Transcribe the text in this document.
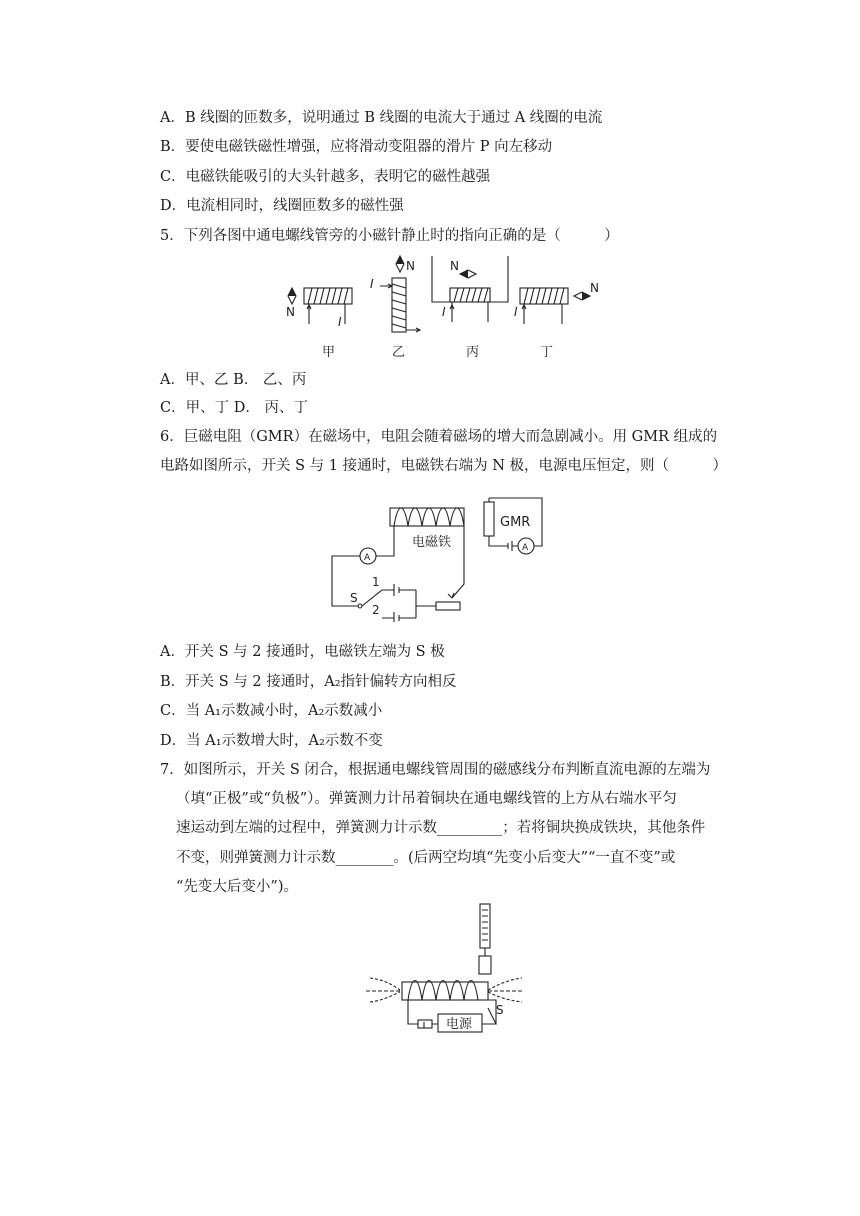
A．B 线圈的匝数多，说明通过 B 线圈的电流大于通过 A 线圈的电流
B．要使电磁铁磁性增强，应将滑动变阻器的滑片 P 向左移动
C．电磁铁能吸引的大头针越多，表明它的磁性越强
D．电流相同时，线圈匝数多的磁性强
5．下列各图中通电螺线管旁的小磁针静止时的指向正确的是（　　　）
N
I
甲
N
I
乙
N
I
丙
I
N
丁
A．甲、乙 B． 乙、丙
C．甲、丁 D． 丙、丁
6．巨磁电阻（GMR）在磁场中，电阻会随着磁场的增大而急剧减小。用 GMR 组成的
电路如图所示，开关 S 与 1 接通时，电磁铁右端为 N 极，电源电压恒定，则（　　　）
电磁铁
A
S
1
2
GMR
A
A．开关 S 与 2 接通时，电磁铁左端为 S 极
B．开关 S 与 2 接通时，A₂指针偏转方向相反
C．当 A₁示数减小时，A₂示数减小
D．当 A₁示数增大时，A₂示数不变
7．如图所示，开关 S 闭合，根据通电螺线管周围的磁感线分布判断直流电源的左端为
（填“正极”或“负极”）。弹簧测力计吊着铜块在通电螺线管的上方从右端水平匀
速运动到左端的过程中，弹簧测力计示数_________；若将铜块换成铁块，其他条件
不变，则弹簧测力计示数________。(后两空均填“先变小后变大”“一直不变”或
“先变大后变小”)。
电源
S
